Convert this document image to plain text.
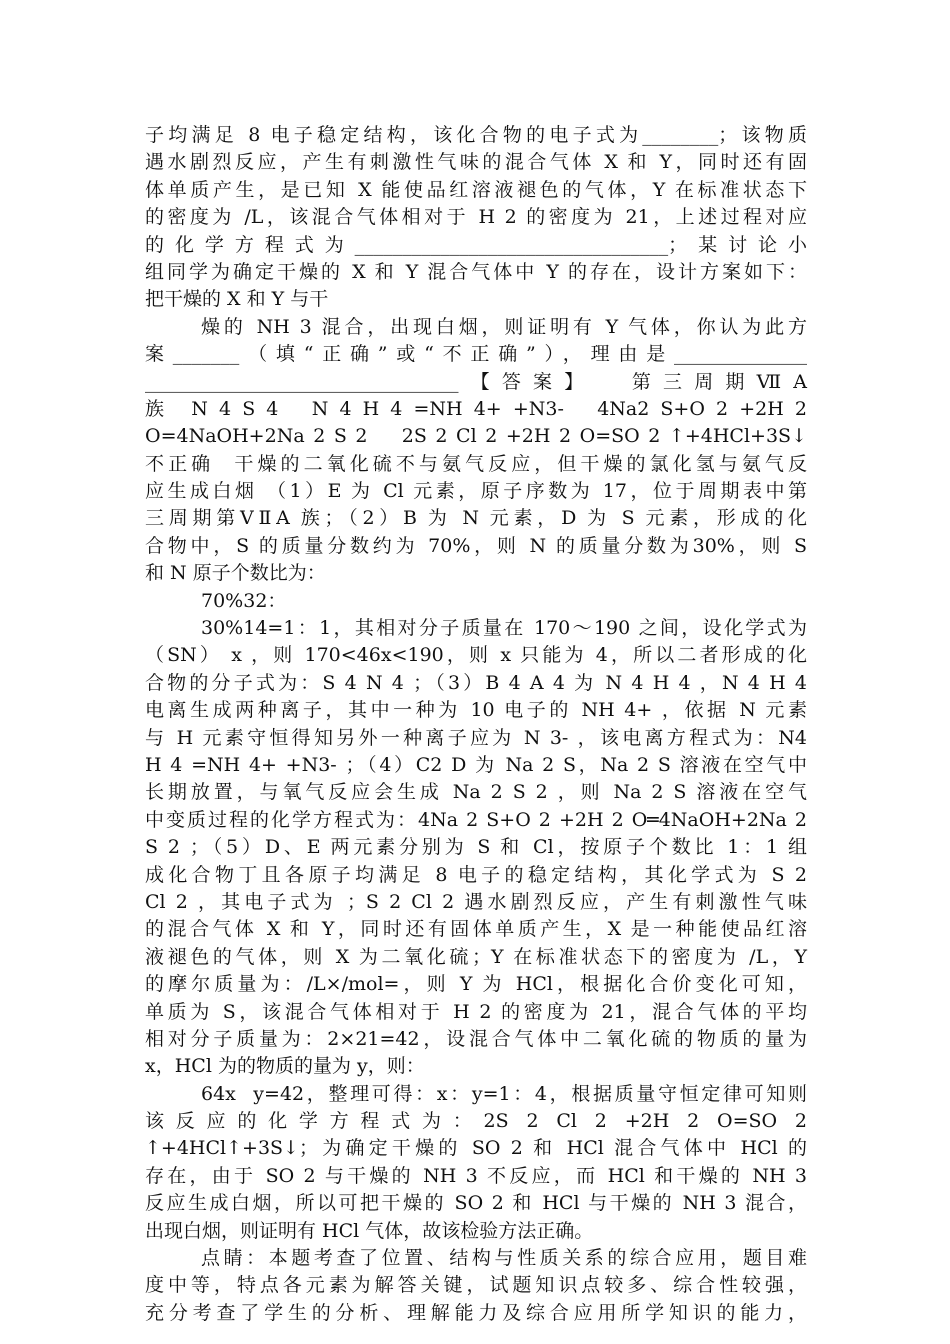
子均满足 8 电子稳定结构，该化合物的电子式为________；该物质
遇水剧烈反应，产生有刺激性气味的混合气体 X 和 Y，同时还有固
体单质产生，是已知 X 能使品红溶液褪色的气体，Y 在标准状态下
的密度为 /L，该混合气体相对于 H 2 的密度为 21，上述过程对应
的化学方程式为_________________________________；某讨论小
组同学为确定干燥的 X 和 Y 混合气体中 Y 的存在，设计方案如下：
把干燥的 X 和 Y 与干
燥的 NH 3 混合，出现白烟，则证明有 Y 气体，你认为此方
案_______（填“正确”或“不正确”），理由是______________
_________________________________【答案】  第三周期ⅦA
族  N 4 S 4   N 4 H 4 =NH 4+ +N3-   4Na2 S+O 2 +2H 2
O=4NaOH+2Na 2 S 2    2S 2 Cl 2 +2H 2 O=SO 2 ↑+4HCl+3S↓
不正确  干燥的二氧化硫不与氨气反应，但干燥的氯化氢与氨气反
应生成白烟 （1）E 为 Cl 元素，原子序数为 17，位于周期表中第
三周期第ⅤⅡA 族；（2）B 为 N 元素，D 为 S 元素，形成的化
合物中，S 的质量分数约为 70%，则 N 的质量分数为30%，则 S
和 N 原子个数比为：
70%32：
30%14=1：1，其相对分子质量在 170～190 之间，设化学式为
（SN） x ，则 170<46x<190，则 x 只能为 4，所以二者形成的化
合物的分子式为：S 4 N 4 ；（3）B 4 A 4 为 N 4 H 4 ，N 4 H 4
电离生成两种离子，其中一种为 10 电子的 NH 4+ ，依据 N 元素
与 H 元素守恒得知另外一种离子应为 N 3- ，该电离方程式为：N4
H 4 =NH 4+ +N3- ；（4）C2 D 为 Na 2 S，Na 2 S 溶液在空气中
长期放置，与氧气反应会生成 Na 2 S 2 ，则 Na 2 S 溶液在空气
中变质过程的化学方程式为：4Na 2 S+O 2 +2H 2 O═4NaOH+2Na 2
S 2 ；（5）D、E 两元素分别为 S 和 Cl，按原子个数比 1：1 组
成化合物丁且各原子均满足 8 电子的稳定结构，其化学式为 S 2
Cl 2 ，其电子式为 ；S 2 Cl 2 遇水剧烈反应，产生有刺激性气味
的混合气体 X 和 Y，同时还有固体单质产生，X 是一种能使品红溶
液褪色的气体，则 X 为二氧化硫；Y 在标准状态下的密度为 /L，Y
的摩尔质量为：/L×/mol=，则 Y 为 HCl，根据化合价变化可知，
单质为 S，该混合气体相对于 H 2 的密度为 21，混合气体的平均
相对分子质量为：2×21=42，设混合气体中二氧化硫的物质的量为
x，HCl 为的物质的量为 y，则：
64x  y=42，整理可得：x：y=1：4，根据质量守恒定律可知则
该反应的化学方程式为：2S 2 Cl 2 +2H 2 O=SO 2
↑+4HCl↑+3S↓；为确定干燥的 SO 2 和 HCl 混合气体中 HCl 的
存在，由于 SO 2 与干燥的 NH 3 不反应，而 HCl 和干燥的 NH 3
反应生成白烟，所以可把干燥的 SO 2 和 HCl 与干燥的 NH 3 混合，
出现白烟，则证明有 HCl 气体，故该检验方法正确。
点睛：本题考查了位置、结构与性质关系的综合应用，题目难
度中等，特点各元素为解答关键，试题知识点较多、综合性较强，
充分考查了学生的分析、理解能力及综合应用所学知识的能力，
